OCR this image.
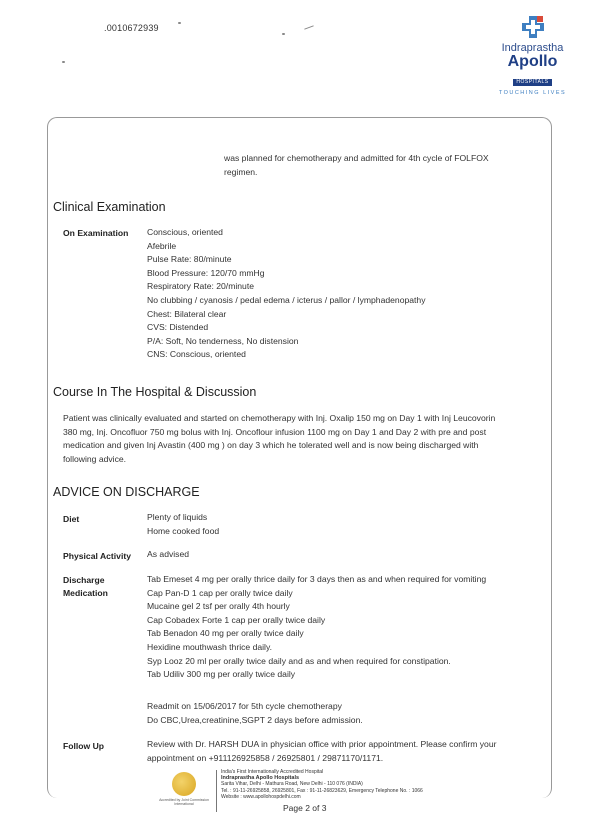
.0010672939
Indraprastha
Apollo
HOSPITALS
TOUCHING LIVES
was planned for chemotherapy and admitted for 4th cycle of FOLFOX
regimen.
Clinical Examination
On Examination Conscious, oriented
Afebrile
Pulse Rate: 80/minute
Blood Pressure: 120/70 mmHg
Respiratory Rate: 20/minute
No clubbing / cyanosis / pedal edema / icterus / pallor / lymphadenopathy
Chest: Bilateral clear
CVS: Distended
P/A: Soft, No tenderness, No distension
CNS: Conscious, oriented
Course In The Hospital & Discussion
Patient was clinically evaluated and started on chemotherapy with Inj. Oxalip 150 mg on Day 1 with Inj Leucovorin
380 mg, Inj. Oncofluor 750 mg bolus with Inj. Oncoflour infusion 1100 mg on Day 1 and Day 2 with pre and post
medication and given Inj Avastin (400 mg ) on day 3 which he tolerated well and is now being discharged with
following advice.
ADVICE ON DISCHARGE
Diet	Plenty of liquids
Home cooked food
Physical Activity As advised
Discharge
Medication
Tab Emeset 4 mg per orally thrice daily for 3 days then as and when required for vomiting
Cap Pan-D 1 cap per orally twice daily
Mucaine gel 2 tsf per orally 4th hourly
Cap Cobadex Forte 1 cap per orally twice daily
Tab Benadon 40 mg per orally twice daily
Hexidine mouthwash thrice daily.
Syp Looz 20 ml per orally twice daily and as and when required for constipation.
Tab Udiliv 300 mg per orally twice daily
Readmit on 15/06/2017 for 5th cycle chemotherapy
Do CBC,Urea,creatinine,SGPT 2 days before admission.
Follow Up	Review with Dr. HARSH DUA in physician office with prior appointment. Please confirm your
appointment on +911126925858 / 26925801 / 29871170/1171.
Accredited by Joint Commission International
India's First Internationally Accredited Hospital
Indraprastha Apollo Hospitals
Sarita Vihar, Delhi - Mathura Road, New Delhi - 110 076 (INDIA)
Tel. : 91-11-26925858, 26925801, Fax : 91-11-26823629, Emergency Telephone No. : 1066
Website : www.apollohospdelhi.com
Page 2 of 3
